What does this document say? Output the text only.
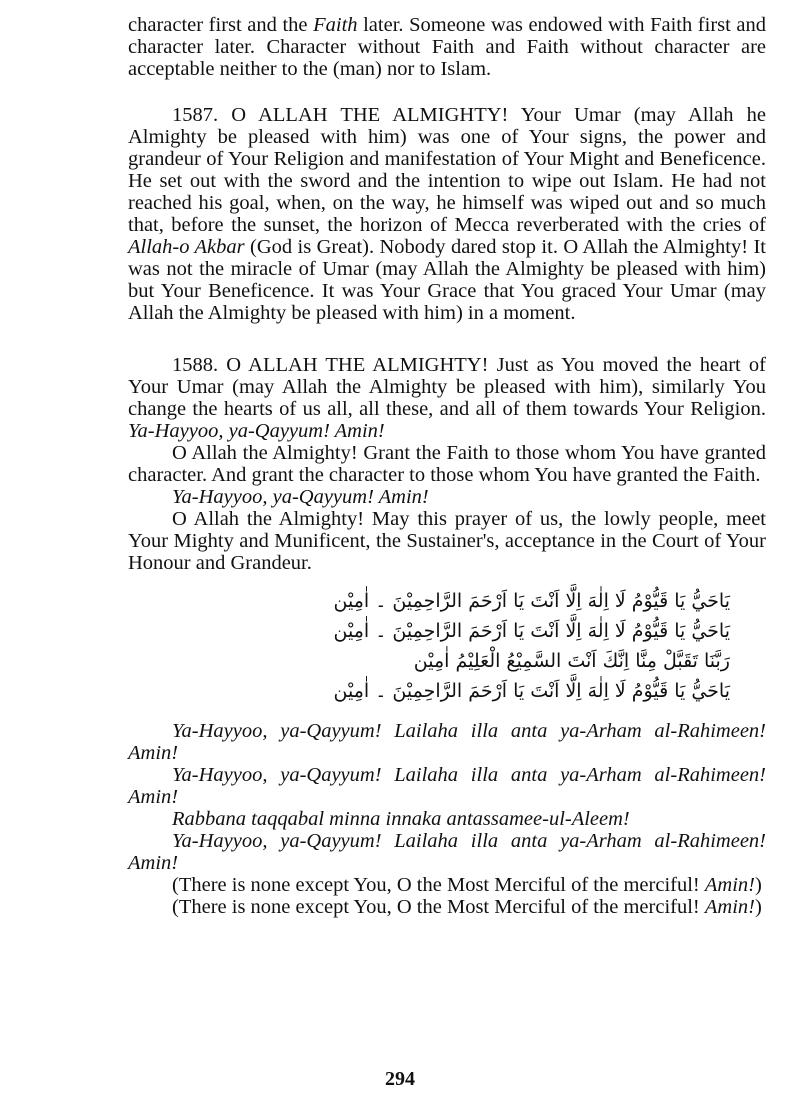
character first and the Faith later. Someone was endowed with Faith first and character later. Character without Faith and Faith without character are acceptable neither to the (man) nor to Islam.

1587. O ALLAH THE ALMIGHTY! Your Umar (may Allah he Almighty be pleased with him) was one of Your signs, the power and grandeur of Your Religion and manifestation of Your Might and Beneficence. He set out with the sword and the intention to wipe out Islam. He had not reached his goal, when, on the way, he himself was wiped out and so much that, before the sunset, the horizon of Mecca reverberated with the cries of Allah-o Akbar (God is Great). Nobody dared stop it. O Allah the Almighty! It was not the miracle of Umar (may Allah the Almighty be pleased with him) but Your Beneficence. It was Your Grace that You graced Your Umar (may Allah the Almighty be pleased with him) in a moment.

1588. O ALLAH THE ALMIGHTY! Just as You moved the heart of Your Umar (may Allah the Almighty be pleased with him), similarly You change the hearts of us all, all these, and all of them towards Your Religion. Ya-Hayyoo, ya-Qayyum! Amin!

O Allah the Almighty! Grant the Faith to those whom You have granted character. And grant the character to those whom You have granted the Faith.

Ya-Hayyoo, ya-Qayyum! Amin!

O Allah the Almighty! May this prayer of us, the lowly people, meet Your Mighty and Munificent, the Sustainer's, acceptance in the Court of Your Honour and Grandeur.

يَاحَيُّ يَا قَيُّوْمُ لَا اِلٰهَ اِلَّا اَنْتَ يَا اَرْحَمَ الرَّاحِمِيْنَ ۔ اٰمِيْن
يَاحَيُّ يَا قَيُّوْمُ لَا اِلٰهَ اِلَّا اَنْتَ يَا اَرْحَمَ الرَّاحِمِيْنَ ۔ اٰمِيْن
رَبَّنَا تَقَبَّلْ مِنَّا اِنَّكَ اَنْتَ السَّمِيْعُ الْعَلِيْمُ اٰمِيْن
يَاحَيُّ يَا قَيُّوْمُ لَا اِلٰهَ اِلَّا اَنْتَ يَا اَرْحَمَ الرَّاحِمِيْنَ ۔ اٰمِيْن

Ya-Hayyoo, ya-Qayyum! Lailaha illa anta ya-Arham al-Rahimeen! Amin!

Ya-Hayyoo, ya-Qayyum! Lailaha illa anta ya-Arham al-Rahimeen! Amin!

Rabbana taqqabal minna innaka antassamee-ul-Aleem!

Ya-Hayyoo, ya-Qayyum! Lailaha illa anta ya-Arham al-Rahimeen! Amin!

(There is none except You, O the Most Merciful of the merciful! Amin!)

(There is none except You, O the Most Merciful of the merciful! Amin!)

294
